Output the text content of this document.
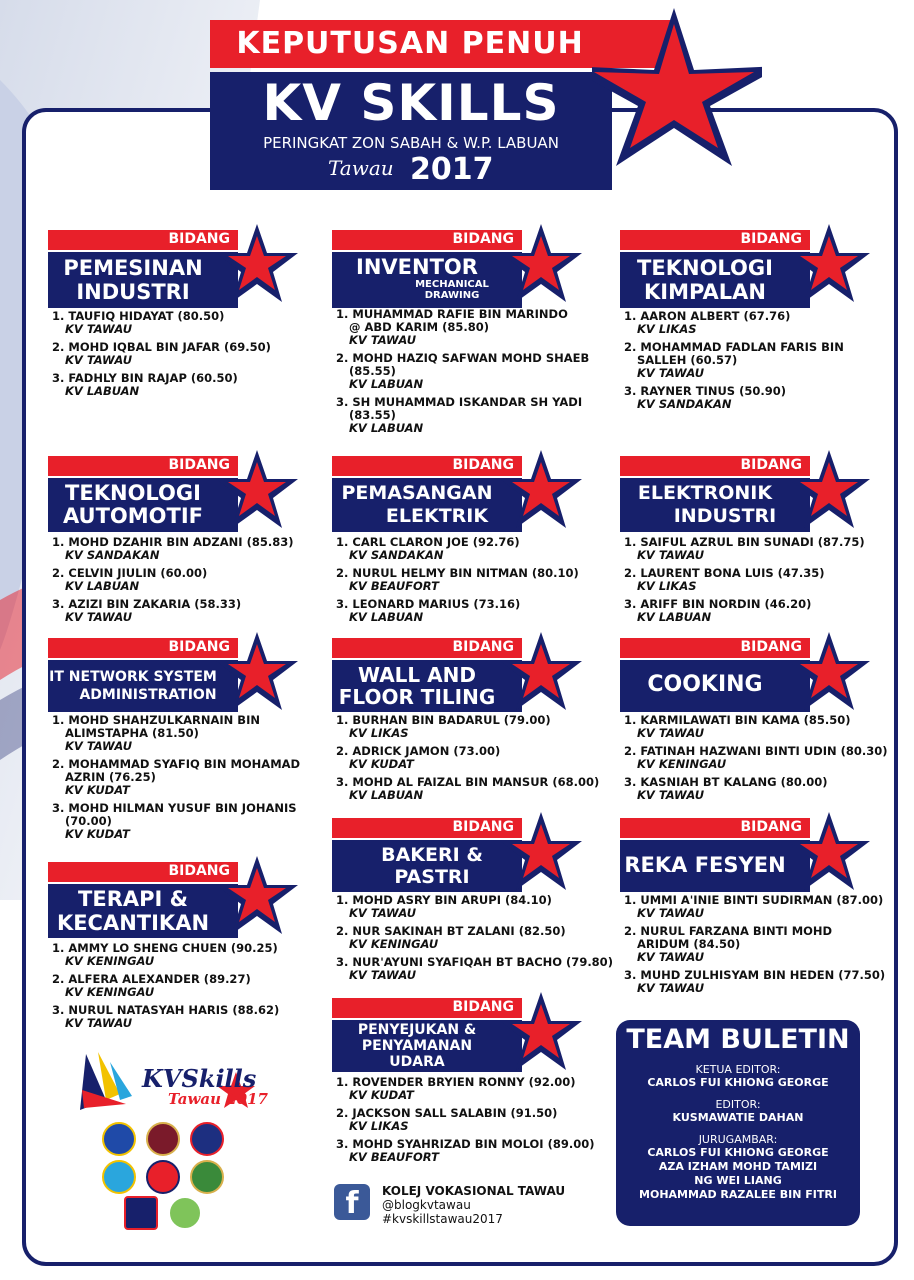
KEPUTUSAN PENUH
KV SKILLS
PERINGKAT ZON SABAH & W.P. LABUAN
Tawau 2017
BIDANG
PEMESINAN
INDUSTRI
1. TAUFIQ HIDAYAT (80.50)
KV TAWAU
2. MOHD IQBAL BIN JAFAR (69.50)
KV TAWAU
3. FADHLY BIN RAJAP (60.50)
KV LABUAN
BIDANG
INVENTOR
MECHANICAL
DRAWING
1. MUHAMMAD RAFIE BIN MARINDO
@ ABD KARIM (85.80)
KV TAWAU
2. MOHD HAZIQ SAFWAN MOHD SHAEB
(85.55)
KV LABUAN
3. SH MUHAMMAD ISKANDAR SH YADI
(83.55)
KV LABUAN
BIDANG
TEKNOLOGI
KIMPALAN
1. AARON ALBERT (67.76)
KV LIKAS
2. MOHAMMAD FADLAN FARIS BIN
SALLEH (60.57)
KV TAWAU
3. RAYNER TINUS (50.90)
KV SANDAKAN
BIDANG
TEKNOLOGI
AUTOMOTIF
1. MOHD DZAHIR BIN ADZANI (85.83)
KV SANDAKAN
2. CELVIN JIULIN (60.00)
KV LABUAN
3. AZIZI BIN ZAKARIA (58.33)
KV TAWAU
BIDANG
PEMASANGAN
ELEKTRIK
1. CARL CLARON JOE (92.76)
KV SANDAKAN
2. NURUL HELMY BIN NITMAN (80.10)
KV BEAUFORT
3. LEONARD MARIUS (73.16)
KV LABUAN
BIDANG
ELEKTRONIK
INDUSTRI
1. SAIFUL AZRUL BIN SUNADI (87.75)
KV TAWAU
2. LAURENT BONA LUIS (47.35)
KV LIKAS
3. ARIFF BIN NORDIN (46.20)
KV LABUAN
BIDANG
IT NETWORK SYSTEM
ADMINISTRATION
1. MOHD SHAHZULKARNAIN BIN
ALIMSTAPHA (81.50)
KV TAWAU
2. MOHAMMAD SYAFIQ BIN MOHAMAD
AZRIN (76.25)
KV KUDAT
3. MOHD HILMAN YUSUF BIN JOHANIS
(70.00)
KV KUDAT
BIDANG
WALL AND
FLOOR TILING
1. BURHAN BIN BADARUL (79.00)
KV LIKAS
2. ADRICK JAMON (73.00)
KV KUDAT
3. MOHD AL FAIZAL BIN MANSUR (68.00)
KV LABUAN
BIDANG
COOKING
1. KARMILAWATI BIN KAMA (85.50)
KV TAWAU
2. FATINAH HAZWANI BINTI UDIN (80.30)
KV KENINGAU
3. KASNIAH BT KALANG (80.00)
KV TAWAU
BIDANG
TERAPI &
KECANTIKAN
1. AMMY LO SHENG CHUEN (90.25)
KV KENINGAU
2. ALFERA ALEXANDER (89.27)
KV KENINGAU
3. NURUL NATASYAH HARIS (88.62)
KV TAWAU
BIDANG
BAKERI &
PASTRI
1. MOHD ASRY BIN ARUPI (84.10)
KV TAWAU
2. NUR SAKINAH BT ZALANI (82.50)
KV KENINGAU
3. NUR'AYUNI SYAFIQAH BT BACHO (79.80)
KV TAWAU
BIDANG
REKA FESYEN
1. UMMI A'INIE BINTI SUDIRMAN (87.00)
KV TAWAU
2. NURUL FARZANA BINTI MOHD
ARIDUM (84.50)
KV TAWAU
3. MUHD ZULHISYAM BIN HEDEN (77.50)
KV TAWAU
BIDANG
PENYEJUKAN &
PENYAMANAN
UDARA
1. ROVENDER BRYIEN RONNY (92.00)
KV KUDAT
2. JACKSON SALL SALABIN (91.50)
KV LIKAS
3. MOHD SYAHRIZAD BIN MOLOI (89.00)
KV BEAUFORT
TEAM BULETIN
KETUA EDITOR:
CARLOS FUI KHIONG GEORGE
EDITOR:
KUSMAWATIE DAHAN
JURUGAMBAR:
CARLOS FUI KHIONG GEORGE
AZA IZHAM MOHD TAMIZI
NG WEI LIANG
MOHAMMAD RAZALEE BIN FITRI
f	KOLEJ VOKASIONAL TAWAU
@blogkvtawau
#kvskillstawau2017
KVSkills
Tawau 2017
